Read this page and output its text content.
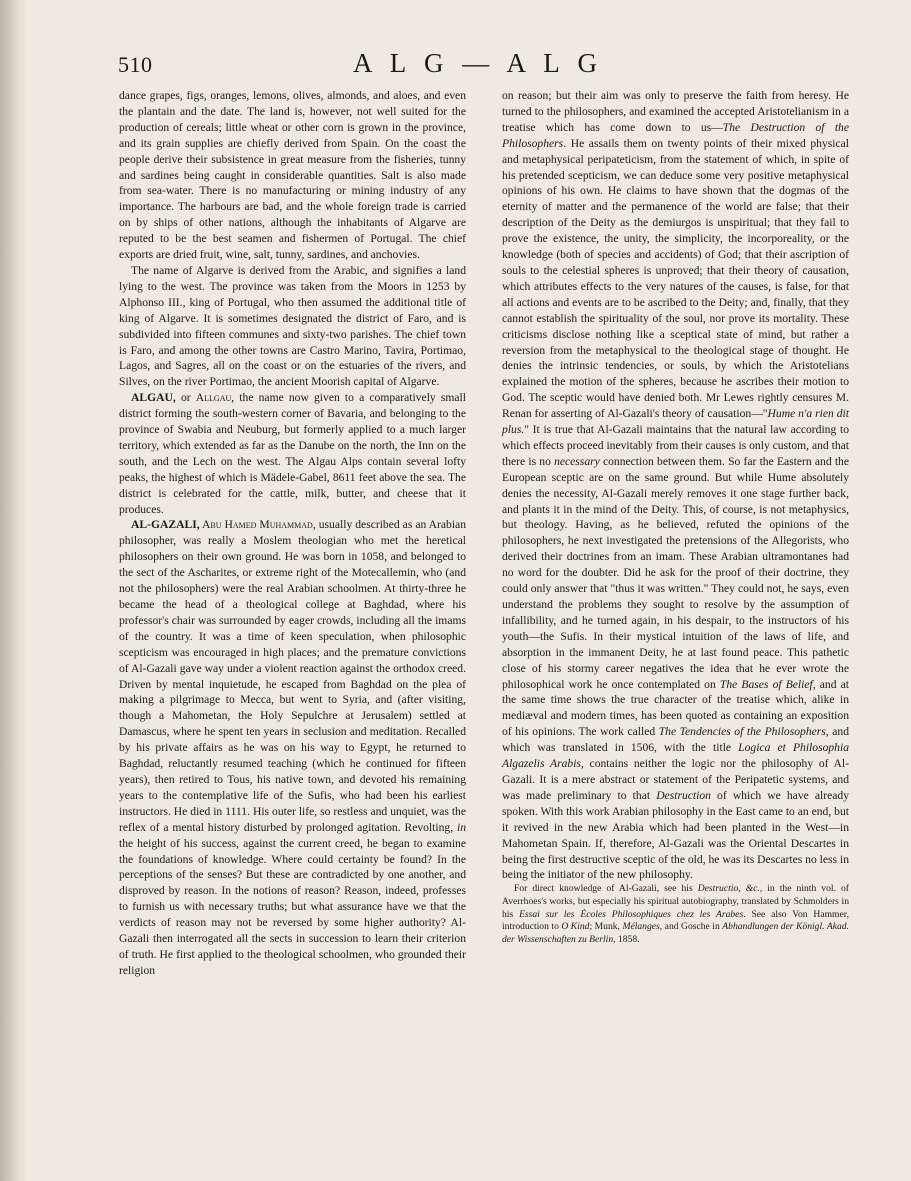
510	A L G — A L G

dance grapes, figs, oranges, lemons, olives, almonds, and aloes, and even the plantain and the date. The land is, however, not well suited for the production of cereals; little wheat or other corn is grown in the province, and its grain supplies are chiefly derived from Spain. On the coast the people derive their subsistence in great measure from the fisheries, tunny and sardines being caught in considerable quantities. Salt is also made from sea-water. There is no manufacturing or mining industry of any importance. The harbours are bad, and the whole foreign trade is carried on by ships of other nations, although the inhabitants of Algarve are reputed to be the best seamen and fishermen of Portugal. The chief exports are dried fruit, wine, salt, tunny, sardines, and anchovies.

The name of Algarve is derived from the Arabic, and signifies a land lying to the west. The province was taken from the Moors in 1253 by Alphonso III., king of Portugal, who then assumed the additional title of king of Algarve. It is sometimes designated the district of Faro, and is subdivided into fifteen communes and sixty-two parishes. The chief town is Faro, and among the other towns are Castro Marino, Tavira, Portimao, Lagos, and Sagres, all on the coast or on the estuaries of the rivers, and Silves, on the river Portimao, the ancient Moorish capital of Algarve.

ALGAU, or Allgau, the name now given to a comparatively small district forming the south-western corner of Bavaria, and belonging to the province of Swabia and Neuburg, but formerly applied to a much larger territory, which extended as far as the Danube on the north, the Inn on the south, and the Lech on the west. The Algau Alps contain several lofty peaks, the highest of which is Mädele-Gabel, 8611 feet above the sea. The district is celebrated for the cattle, milk, butter, and cheese that it produces.

AL-GAZALI, Abu Hamed Muhammad, usually described as an Arabian philosopher, was really a Moslem theologian who met the heretical philosophers on their own ground. He was born in 1058, and belonged to the sect of the Ascharites, or extreme right of the Motecallemin, who (and not the philosophers) were the real Arabian schoolmen. At thirty-three he became the head of a theological college at Baghdad, where his professor's chair was surrounded by eager crowds, including all the imams of the country. It was a time of keen speculation, when philosophic scepticism was encouraged in high places; and the premature convictions of Al-Gazali gave way under a violent reaction against the orthodox creed. Driven by mental inquietude, he escaped from Baghdad on the plea of making a pilgrimage to Mecca, but went to Syria, and (after visiting, though a Mahometan, the Holy Sepulchre at Jerusalem) settled at Damascus, where he spent ten years in seclusion and meditation. Recalled by his private affairs as he was on his way to Egypt, he returned to Baghdad, reluctantly resumed teaching (which he continued for fifteen years), then retired to Tous, his native town, and devoted his remaining years to the contemplative life of the Sufis, who had been his earliest instructors. He died in 1111. His outer life, so restless and unquiet, was the reflex of a mental history disturbed by prolonged agitation. Revolting, in the height of his success, against the current creed, he began to examine the foundations of knowledge. Where could certainty be found? In the perceptions of the senses? But these are contradicted by one another, and disproved by reason. In the notions of reason? Reason, indeed, professes to furnish us with necessary truths; but what assurance have we that the verdicts of reason may not be reversed by some higher authority? Al-Gazali then interrogated all the sects in succession to learn their criterion of truth. He first applied to the theological schoolmen, who grounded their religion

on reason; but their aim was only to preserve the faith from heresy. He turned to the philosophers, and examined the accepted Aristotelianism in a treatise which has come down to us—The Destruction of the Philosophers. He assails them on twenty points of their mixed physical and metaphysical peripateticism, from the statement of which, in spite of his pretended scepticism, we can deduce some very positive metaphysical opinions of his own. He claims to have shown that the dogmas of the eternity of matter and the permanence of the world are false; that their description of the Deity as the demiurgos is unspiritual; that they fail to prove the existence, the unity, the simplicity, the incorporeality, or the knowledge (both of species and accidents) of God; that their ascription of souls to the celestial spheres is unproved; that their theory of causation, which attributes effects to the very natures of the causes, is false, for that all actions and events are to be ascribed to the Deity; and, finally, that they cannot establish the spirituality of the soul, nor prove its mortality. These criticisms disclose nothing like a sceptical state of mind, but rather a reversion from the metaphysical to the theological stage of thought. He denies the intrinsic tendencies, or souls, by which the Aristotelians explained the motion of the spheres, because he ascribes their motion to God. The sceptic would have denied both. Mr Lewes rightly censures M. Renan for asserting of Al-Gazali's theory of causation—"Hume n'a rien dit plus." It is true that Al-Gazali maintains that the natural law according to which effects proceed inevitably from their causes is only custom, and that there is no necessary connection between them. So far the Eastern and the European sceptic are on the same ground. But while Hume absolutely denies the necessity, Al-Gazali merely removes it one stage further back, and plants it in the mind of the Deity. This, of course, is not metaphysics, but theology. Having, as he believed, refuted the opinions of the philosophers, he next investigated the pretensions of the Allegorists, who derived their doctrines from an imam. These Arabian ultramontanes had no word for the doubter. Did he ask for the proof of their doctrine, they could only answer that "thus it was written." They could not, he says, even understand the problems they sought to resolve by the assumption of infallibility, and he turned again, in his despair, to the instructors of his youth—the Sufis. In their mystical intuition of the laws of life, and absorption in the immanent Deity, he at last found peace. This pathetic close of his stormy career negatives the idea that he ever wrote the philosophical work he once contemplated on The Bases of Belief, and at the same time shows the true character of the treatise which, alike in mediæval and modern times, has been quoted as containing an exposition of his opinions. The work called The Tendencies of the Philosophers, and which was translated in 1506, with the title Logica et Philosophia Algazelis Arabis, contains neither the logic nor the philosophy of Al-Gazali. It is a mere abstract or statement of the Peripatetic systems, and was made preliminary to that Destruction of which we have already spoken. With this work Arabian philosophy in the East came to an end, but it revived in the new Arabia which had been planted in the West—in Mahometan Spain. If, therefore, Al-Gazali was the Oriental Descartes in being the first destructive sceptic of the old, he was its Descartes no less in being the initiator of the new philosophy.

For direct knowledge of Al-Gazali, see his Destructio, &c., in the ninth vol. of Averrhoes's works, but especially his spiritual autobiography, translated by Schmolders in his Essai sur les Écoles Philosophiques chez les Arabes. See also Von Hammer, introduction to O Kind; Munk, Mélanges, and Gosche in Abhandlungen der Königl. Akad. der Wissenschaften zu Berlin, 1858.
